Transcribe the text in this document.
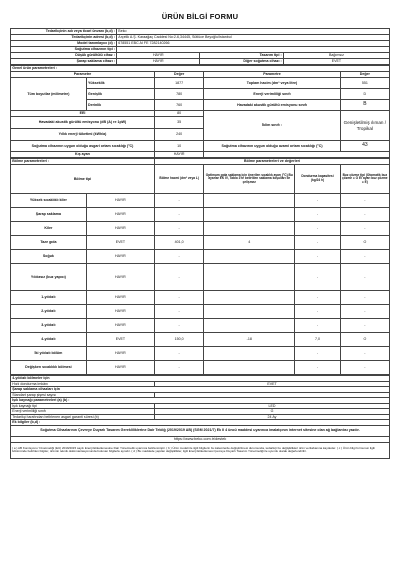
ÜRÜN BİLGİ FORMU
Tedarikçinin adı veya ticari ünvanı (b,d) :	Beko		
Tedarikçinin adresi (b,d) :	Arçelik A.Ş. Karaağaç Caddesi No:2-6,34445, Sütlüce Beyoğlu/İstanbul		
Model tanımlayıcı (d) :	678551 EBC AI FE 7282140266		
Soğutma cihazının tipi :			
Düşük gürültülü cihaz :	HAYIR	Tasarım tipi :	Bağımsız
Şarap saklama cihazı :	HAYIR	Diğer soğutma cihazı :	EVET
Genel ürün parametreleri :				
Parametre		Değer	Parametre	Değer
Tüm boyutlar (milimetre)	Yükseklik	1877	Toplam hacim (dm³ veya litre)	551
	Genişlik	780	Enerji verimliliği sınıfı	D
	Derinlik	760	Havadaki akustik gürültü emisyonu sınıfı	B
EEI		80	İklim sınıfı :	Genişletilmiş ılıman / Tropikal
Havadaki akustik gürültü emisyonu (dB (A) re 1pW)		35		
Yıllık enerji tüketimi (kWh/a)		240		
Soğutma cihazının uygun olduğu asgari ortam sıcaklığı (°C)		10	Soğutma cihazının uygun olduğu azami ortam sıcaklığı (°C)	43
Kış ayarı		HAYIR		
Bölme parametreleri :		Bölme parametreleri ve değerleri			
Bölme tipi		Bölme hacmi (dm³ veya L)	Optimum gıda saklama için önerilen sıcaklık ayarı (°C) Bu ayarlar EK IV, Tablo 3'te belirtilen saklama koşulları ile çelişmez	Dondurma kapasitesi (kg/24 h)	Buz çözme tipi (Otomatik buz çözme = O El ayarı buz çözme = E)
Yüksek sıcaklıklı kiler	HAYIR	-		-	-
Şarap saklama	HAYIR	-		-	-
Kiler	HAYIR	-		-	-
Taze gıda	EVET	401,0	4	-	O
Soğuk	HAYIR	-		-	-
Yıldızsız (buz yapıcı)	HAYIR	-		-	-
1-yıldızlı	HAYIR	-		-	-
2-yıldızlı	HAYIR	-		-	-
3-yıldızlı	HAYIR	-		-	-
4-yıldızlı	EVET	150,0	-18	7,0	O
İki yıldızlı bölüm	HAYIR	-		-	-
Değişken sıcaklıklı bölmesi	HAYIR	-		-	-
4-yıldızlı bölmeler için	
Hızlı dondurma imkânı	EVET
Şarap saklama cihazları için	
Standart şarap şişesi sayısı	
Işık kaynağı parametreleri (a) (b) :	
Işık kaynağı tipi	LED
Enerji verimliliği sınıfı	G
Tedarikçi tarafından belirlenen asgari garanti süresi (b)	24 Ay
Ek bilgiler (b,d) :	
Soğutma Cihazlarının Çevreye Duyarlı Tasarım Gerekliliklerine Dair Tebliğ (2019/2019 AB) (SGM 2021/7) Ek II 4 üncü maddesi uyarınca imalatçının internet sitesine olan ağ bağlantısı yazılır.	
https://www.beko.com.tr/destek	
( a ) AB Komisyonu Yönetmeliği (EU) 2019/2015 sayılı Enerji Etiketlemesine Dair Yönetmelik uyarınca belirlenmiştir. ( b ) Ürün modeli ile ilgili bilgilerin bu kalemlerde değiştirilmesi durumunda, tedarikçi bu değişiklikleri ürün veritabanına kaydeder. ( c ) Ürün bilgi formunun ilgili bölümünde belirtilen bilgiler, ürünün teknik dokümantasyonunda bulunan bilgilerle aynıdır. ( d ) Bu maddede yapılan değişiklikler, ilgili Enerji Etiketlemesi Çevreye Duyarlı Tasarım Yönetmeliği ile uyumlu olarak değerlendirilir.	
